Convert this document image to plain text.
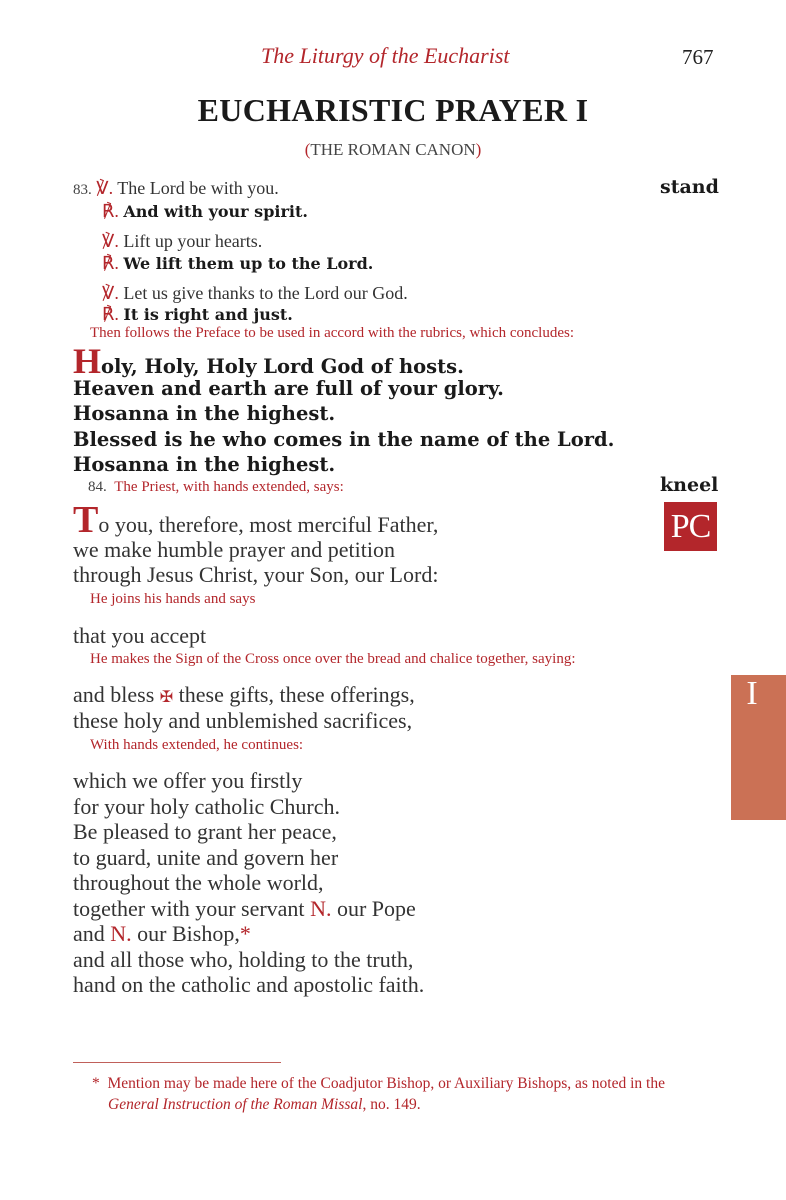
The Liturgy of the Eucharist	767
EUCHARISTIC PRAYER I
(THE ROMAN CANON)
83. ℣. The Lord be with you.
℟. And with your spirit.
stand
℣. Lift up your hearts.
℟. We lift them up to the Lord.
℣. Let us give thanks to the Lord our God.
℟. It is right and just.
Then follows the Preface to be used in accord with the rubrics, which concludes:
Holy, Holy, Holy Lord God of hosts.
Heaven and earth are full of your glory.
Hosanna in the highest.
Blessed is he who comes in the name of the Lord.
Hosanna in the highest.
84. The Priest, with hands extended, says:	kneel
PC
To you, therefore, most merciful Father,
we make humble prayer and petition
through Jesus Christ, your Son, our Lord:
He joins his hands and says
that you accept
He makes the Sign of the Cross once over the bread and chalice together, saying:
and bless ✠ these gifts, these offerings,
these holy and unblemished sacrifices,
With hands extended, he continues:
which we offer you firstly
for your holy catholic Church.
Be pleased to grant her peace,
to guard, unite and govern her
throughout the whole world,
together with your servant N. our Pope
and N. our Bishop,*
and all those who, holding to the truth,
hand on the catholic and apostolic faith.
I
* Mention may be made here of the Coadjutor Bishop, or Auxiliary Bishops, as noted in the
General Instruction of the Roman Missal, no. 149.
